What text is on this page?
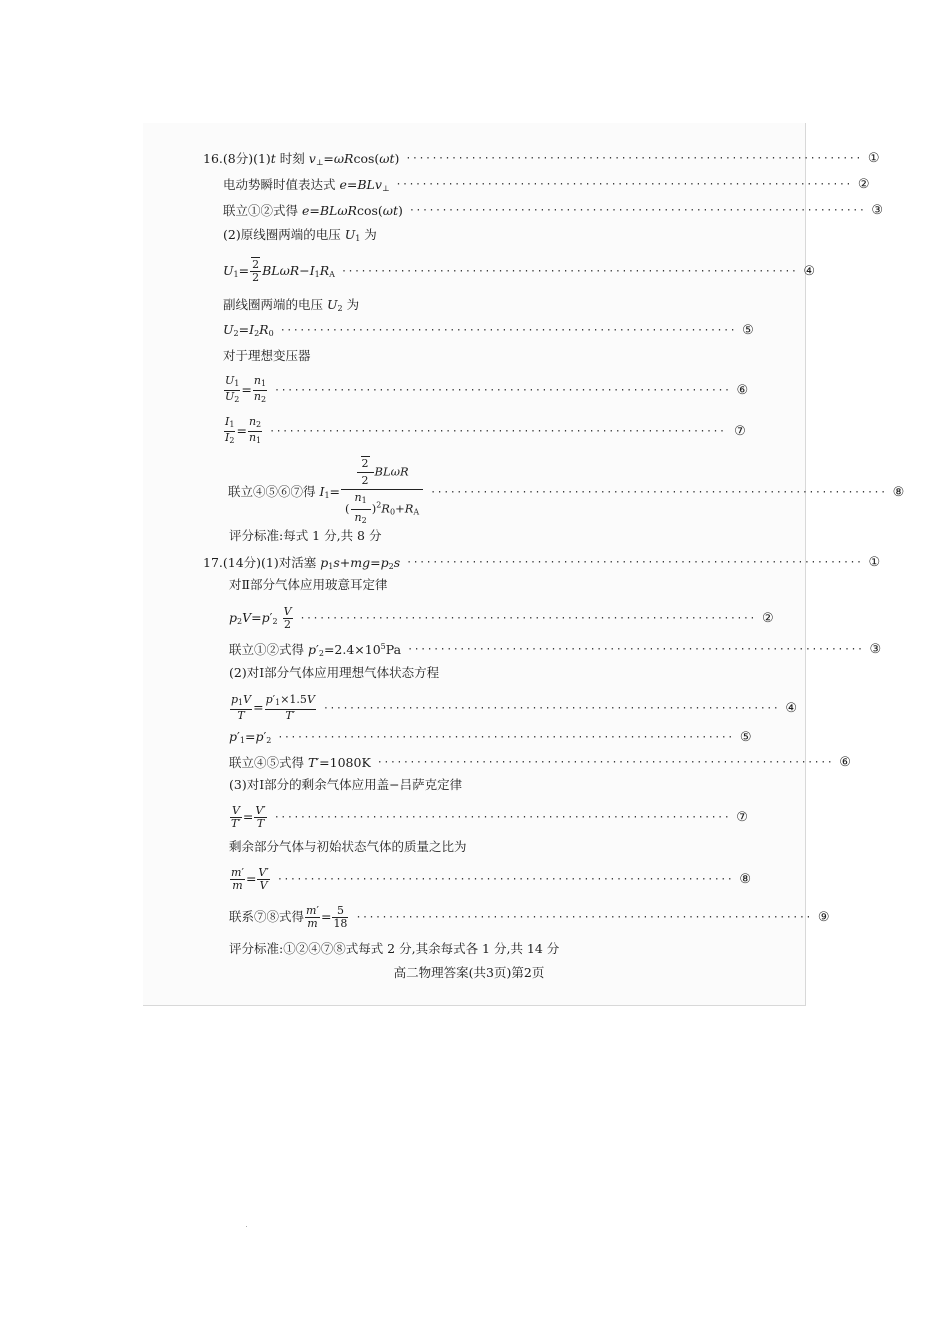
16.(8分)(1)t 时刻 $v_\perp=\omega Rcos(\omega t)$ ······································································ ①
电动势瞬时值表达式 e=BLv$_\perp$ ······································································ ②
联立①②式得 e=BLωRcos(ωt) ······································································ ③
(2)原线圈两端的电压 $U_1$ 为
$U_1= \frac{2}{2} BL\omega R-I_1R_A$ ······································································ ④
副线圈两端的电压 $U_2$ 为
$U_2=I_2R_0$ ······································································ ⑤
对于理想变压器
$\frac{U_1}{U_2} = \frac{n_1}{n_2}$ ······································································ ⑥
$\frac{I_1}{I_2} = \frac{n_2}{n_1}$ ······································································ ⑦
联立④⑤⑥⑦得 $I_1= \frac{\frac{2}{2} BL\omega R}{( \frac{n_1}{n_2} )^2R_0+R_A}$ ······································································ ⑧
评分标准:每式 1 分,共 8 分
17.(14分)(1)对活塞 $p_1s+mg=p_2s$ ······································································ ①
对Ⅱ部分气体应用玻意耳定律
$p_2V=p'_2 \frac{V}{2}$ ······································································ ②
联立①②式得 $p'_2=2.4\times 10^5Pa$ ······································································ ③
(2)对Ⅰ部分气体应用理想气体状态方程
$\frac{p_1V}{T} = \frac{p'_1\times 1.5V}{T'}$ ······································································ ④
$p'_1=p'_2$ ······································································ ⑤
联立④⑤式得 T′=1080K ······································································ ⑥
(3)对Ⅰ部分的剩余气体应用盖−吕萨克定律
$\frac{V}{T'} = \frac{V'}{T}$ ······································································ ⑦
剩余部分气体与初始状态气体的质量之比为
$\frac{m'}{m} = \frac{V'}{V}$ ······································································ ⑧
联系⑦⑧式得 $\frac{m'}{m} = \frac{5}{18}$ ······································································ ⑨
评分标准:①②④⑦⑧式每式 2 分,其余每式各 1 分,共 14 分
高二物理答案(共3页)第2页
